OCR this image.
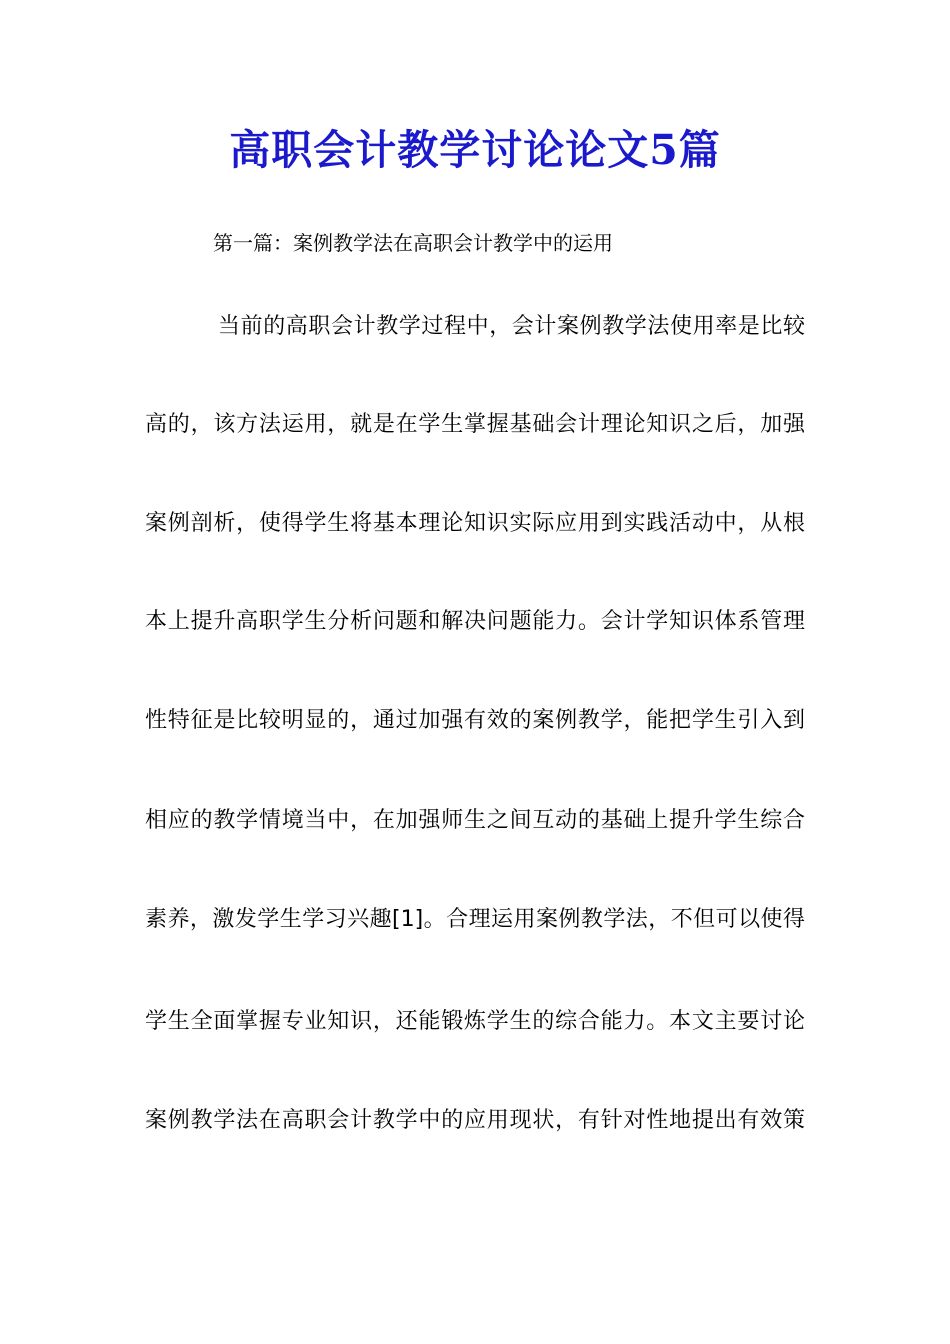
高职会计教学讨论论文5篇

第一篇：案例教学法在高职会计教学中的运用

当前的高职会计教学过程中，会计案例教学法使用率是比较

高的，该方法运用，就是在学生掌握基础会计理论知识之后，加强

案例剖析，使得学生将基本理论知识实际应用到实践活动中，从根

本上提升高职学生分析问题和解决问题能力。会计学知识体系管理

性特征是比较明显的，通过加强有效的案例教学，能把学生引入到

相应的教学情境当中，在加强师生之间互动的基础上提升学生综合

素养，激发学生学习兴趣[1]。合理运用案例教学法，不但可以使得

学生全面掌握专业知识，还能锻炼学生的综合能力。本文主要讨论

案例教学法在高职会计教学中的应用现状，有针对性地提出有效策
